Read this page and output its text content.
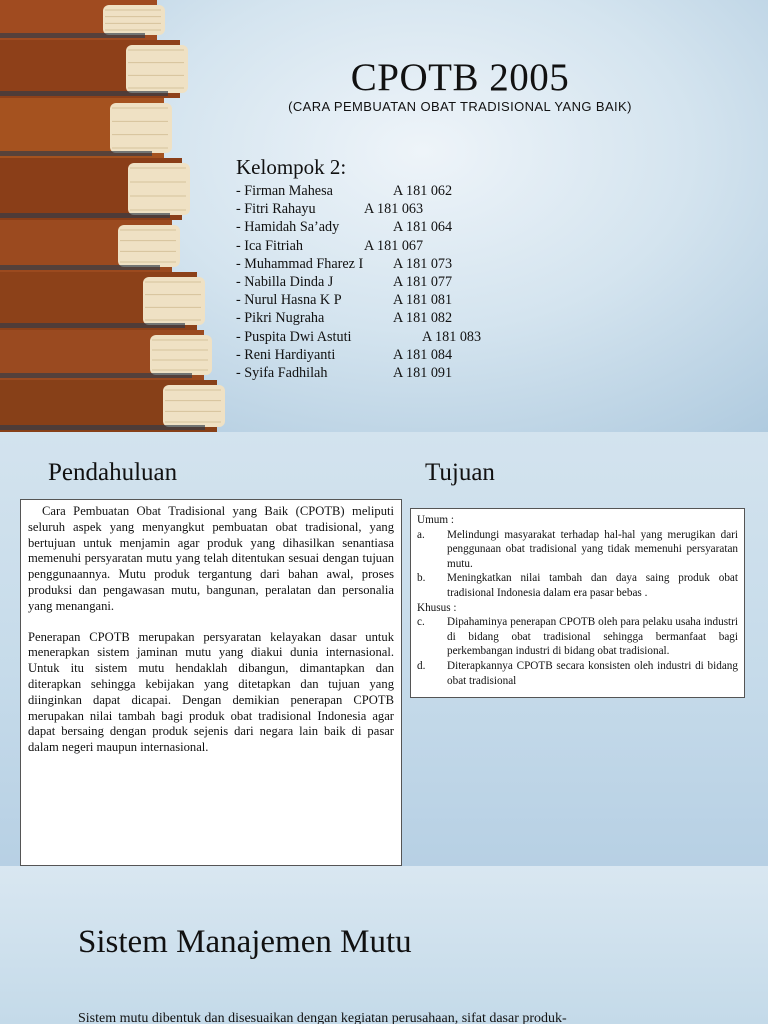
CPOTB 2005
(CARA PEMBUATAN OBAT TRADISIONAL YANG BAIK)
Kelompok 2:
- Firman Mahesa	A 181 062
- Fitri Rahayu	A 181 063
- Hamidah Sa’ady	A 181 064
- Ica Fitriah	A 181 067
- Muhammad Fharez I A 181 073
- Nabilla Dinda J	A 181 077
- Nurul Hasna K P	A 181 081
- Pikri Nugraha	A 181 082
- Puspita Dwi Astuti	A 181 083
- Reni Hardiyanti	A 181 084
- Syifa Fadhilah	A 181 091
Pendahuluan	Tujuan

Cara Pembuatan Obat Tradisional yang Baik (CPOTB) meliputi seluruh aspek yang menyangkut pembuatan obat tradisional, yang bertujuan untuk menjamin agar produk yang dihasilkan senantiasa memenuhi persyaratan mutu yang telah ditentukan sesuai dengan tujuan penggunaannya. Mutu produk tergantung dari bahan awal, proses produksi dan pengawasan mutu, bangunan, peralatan dan personalia yang menangani.

Penerapan CPOTB merupakan persyaratan kelayakan dasar untuk menerapkan sistem jaminan mutu yang diakui dunia internasional. Untuk itu sistem mutu hendaklah dibangun, dimantapkan dan diterapkan sehingga kebijakan yang ditetapkan dan tujuan yang diinginkan dapat dicapai. Dengan demikian penerapan CPOTB merupakan nilai tambah bagi produk obat tradisional Indonesia agar dapat bersaing dengan produk sejenis dari negara lain baik di pasar dalam negeri maupun internasional.

Umum :
a. Melindungi masyarakat terhadap hal-hal yang merugikan dari penggunaan obat tradisional yang tidak memenuhi persyaratan mutu.
b. Meningkatkan nilai tambah dan daya saing produk obat tradisional Indonesia dalam era pasar bebas .
Khusus :
c. Dipahaminya penerapan CPOTB oleh para pelaku usaha industri di bidang obat tradisional sehingga bermanfaat bagi perkembangan industri di bidang obat tradisional.
d. Diterapkannya CPOTB secara konsisten oleh industri di bidang obat tradisional
Sistem Manajemen Mutu
Sistem mutu dibentuk dan disesuaikan dengan kegiatan perusahaan, sifat dasar produk-
